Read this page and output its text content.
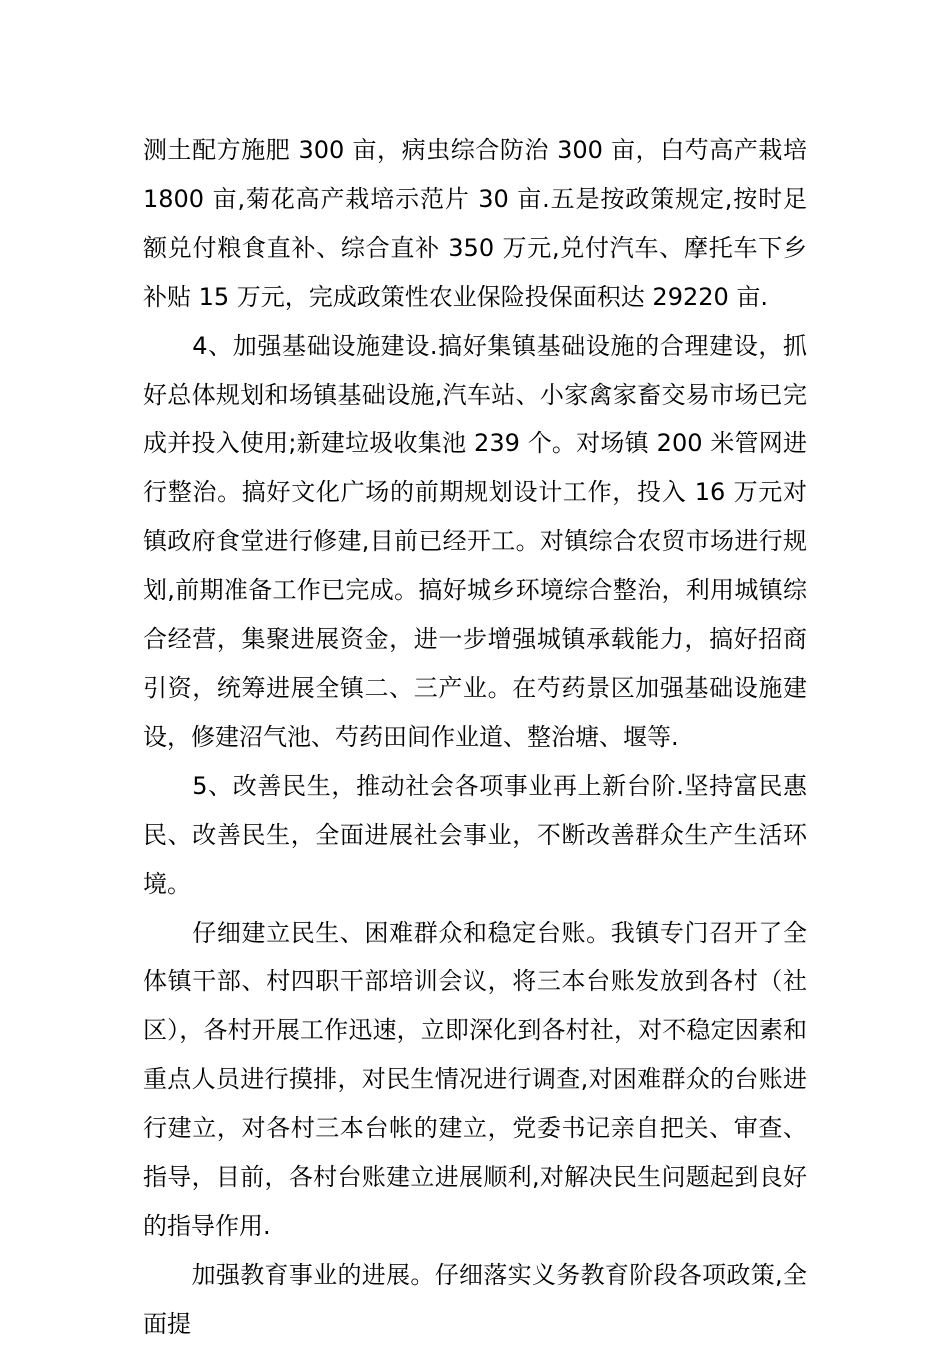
测土配方施肥 300 亩，病虫综合防治 300 亩，白芍高产栽培 1800 亩,菊花高产栽培示范片 30 亩.五是按政策规定,按时足额兑付粮食直补、综合直补 350 万元,兑付汽车、摩托车下乡补贴 15 万元，完成政策性农业保险投保面积达 29220 亩.

　　4、加强基础设施建设.搞好集镇基础设施的合理建设，抓好总体规划和场镇基础设施,汽车站、小家禽家畜交易市场已完成并投入使用;新建垃圾收集池 239 个。对场镇 200 米管网进行整治。搞好文化广场的前期规划设计工作，投入 16 万元对镇政府食堂进行修建,目前已经开工。对镇综合农贸市场进行规划,前期准备工作已完成。搞好城乡环境综合整治，利用城镇综合经营，集聚进展资金，进一步增强城镇承载能力，搞好招商引资，统筹进展全镇二、三产业。在芍药景区加强基础设施建设，修建沼气池、芍药田间作业道、整治塘、堰等.

　　5、改善民生，推动社会各项事业再上新台阶.坚持富民惠民、改善民生，全面进展社会事业，不断改善群众生产生活环境。

　　仔细建立民生、困难群众和稳定台账。我镇专门召开了全体镇干部、村四职干部培训会议，将三本台账发放到各村（社区），各村开展工作迅速，立即深化到各村社，对不稳定因素和重点人员进行摸排，对民生情况进行调查,对困难群众的台账进行建立，对各村三本台帐的建立，党委书记亲自把关、审查、指导，目前，各村台账建立进展顺利,对解决民生问题起到良好的指导作用.

　　加强教育事业的进展。仔细落实义务教育阶段各项政策,全面提
